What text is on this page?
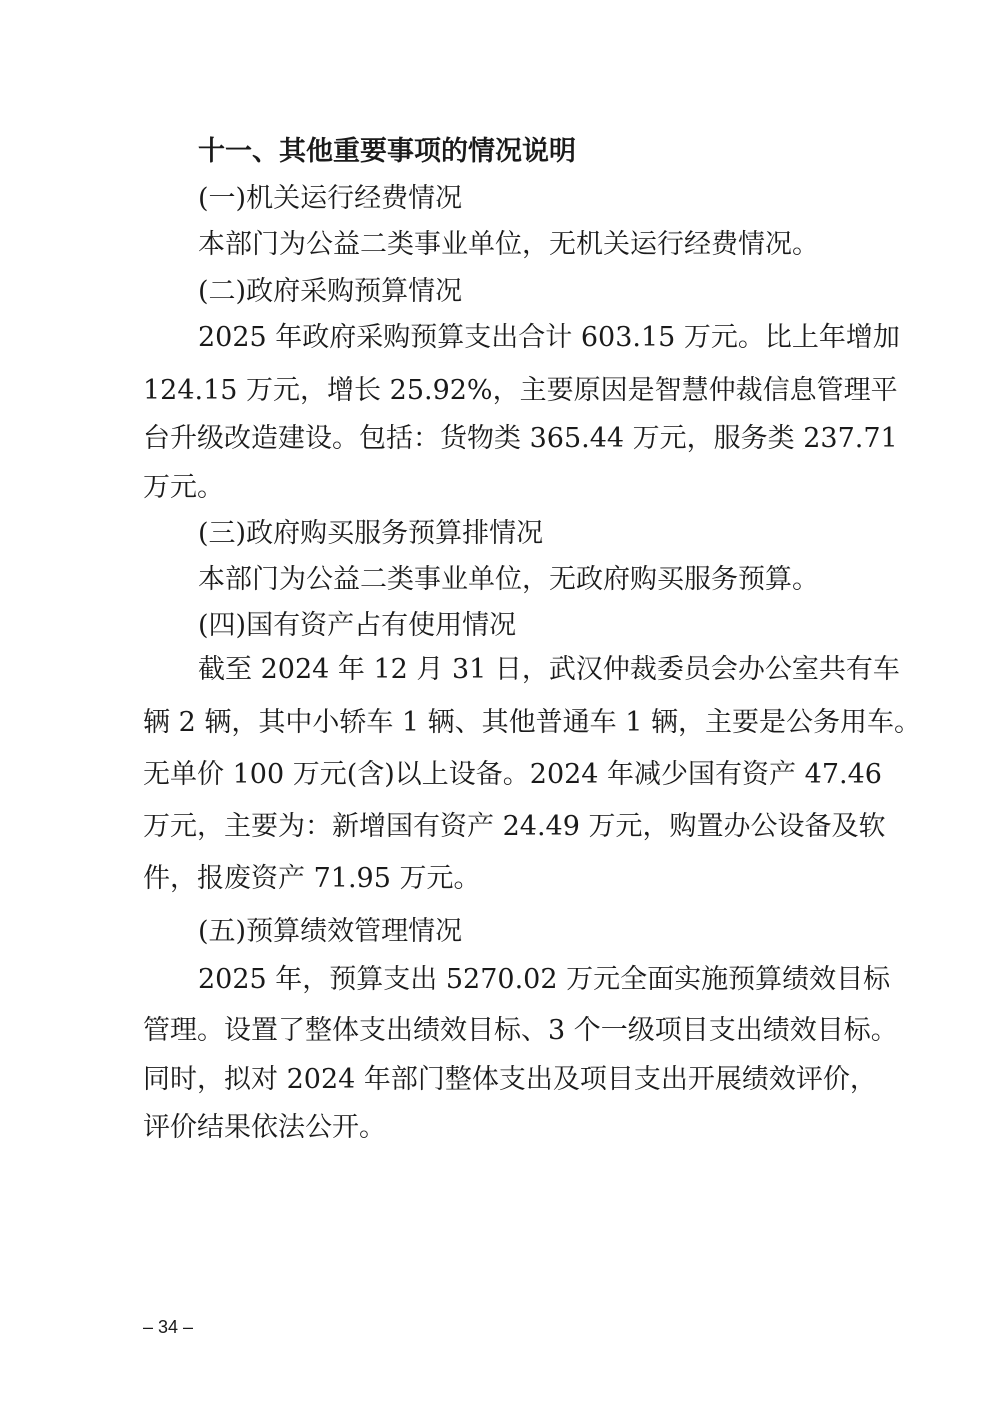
十一、其他重要事项的情况说明
(一)机关运行经费情况
本部门为公益二类事业单位，无机关运行经费情况。
(二)政府采购预算情况
2025 年政府采购预算支出合计 603.15 万元。比上年增加
124.15 万元，增长 25.92%，主要原因是智慧仲裁信息管理平
台升级改造建设。包括：货物类 365.44 万元，服务类 237.71
万元。
(三)政府购买服务预算排情况
本部门为公益二类事业单位，无政府购买服务预算。
(四)国有资产占有使用情况
截至 2024 年 12 月 31 日，武汉仲裁委员会办公室共有车
辆 2 辆，其中小轿车 1 辆、其他普通车 1 辆，主要是公务用车。
无单价 100 万元(含)以上设备。2024 年减少国有资产 47.46
万元，主要为：新增国有资产 24.49 万元，购置办公设备及软
件，报废资产 71.95 万元。
(五)预算绩效管理情况
2025 年，预算支出 5270.02 万元全面实施预算绩效目标
管理。设置了整体支出绩效目标、3 个一级项目支出绩效目标。
同时，拟对 2024 年部门整体支出及项目支出开展绩效评价，
评价结果依法公开。
– 34 –
